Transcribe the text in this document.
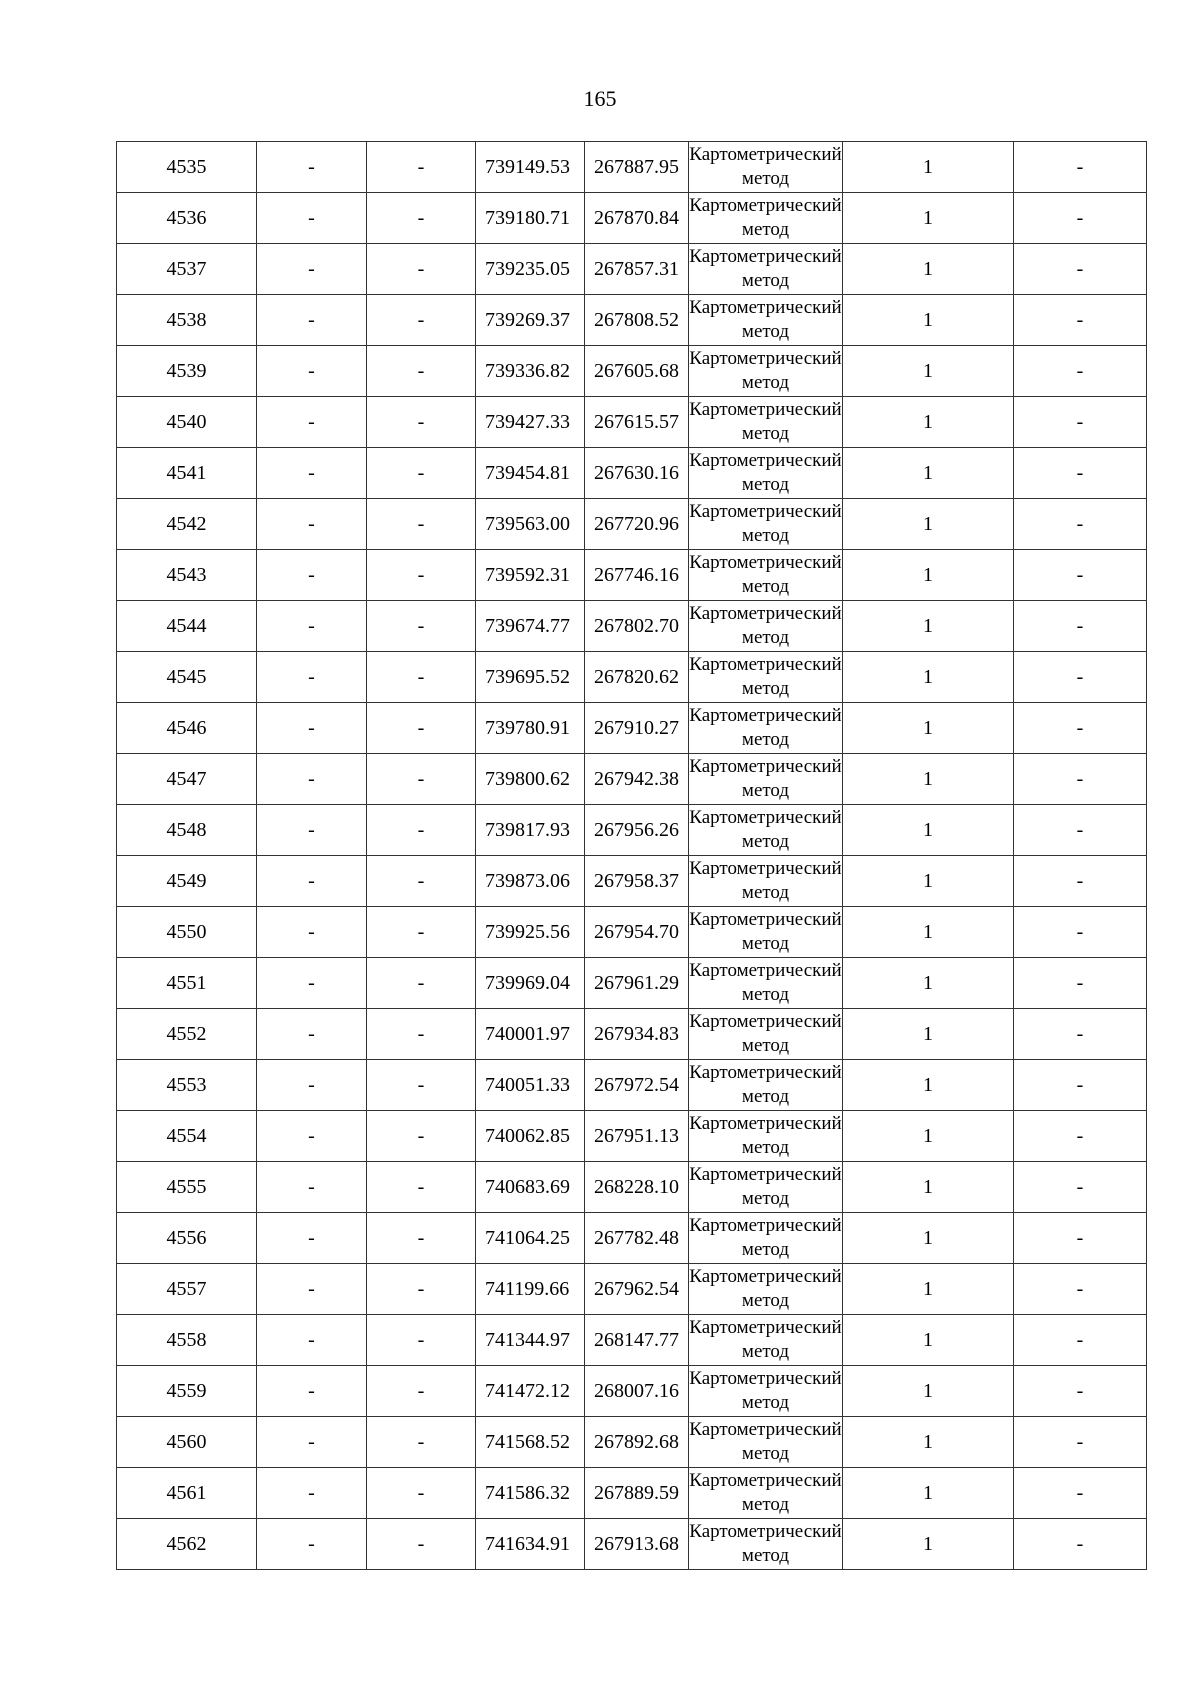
165
4535	-	-	739149.53	267887.95	Картометрический метод	1	-
4536	-	-	739180.71	267870.84	Картометрический метод	1	-
4537	-	-	739235.05	267857.31	Картометрический метод	1	-
4538	-	-	739269.37	267808.52	Картометрический метод	1	-
4539	-	-	739336.82	267605.68	Картометрический метод	1	-
4540	-	-	739427.33	267615.57	Картометрический метод	1	-
4541	-	-	739454.81	267630.16	Картометрический метод	1	-
4542	-	-	739563.00	267720.96	Картометрический метод	1	-
4543	-	-	739592.31	267746.16	Картометрический метод	1	-
4544	-	-	739674.77	267802.70	Картометрический метод	1	-
4545	-	-	739695.52	267820.62	Картометрический метод	1	-
4546	-	-	739780.91	267910.27	Картометрический метод	1	-
4547	-	-	739800.62	267942.38	Картометрический метод	1	-
4548	-	-	739817.93	267956.26	Картометрический метод	1	-
4549	-	-	739873.06	267958.37	Картометрический метод	1	-
4550	-	-	739925.56	267954.70	Картометрический метод	1	-
4551	-	-	739969.04	267961.29	Картометрический метод	1	-
4552	-	-	740001.97	267934.83	Картометрический метод	1	-
4553	-	-	740051.33	267972.54	Картометрический метод	1	-
4554	-	-	740062.85	267951.13	Картометрический метод	1	-
4555	-	-	740683.69	268228.10	Картометрический метод	1	-
4556	-	-	741064.25	267782.48	Картометрический метод	1	-
4557	-	-	741199.66	267962.54	Картометрический метод	1	-
4558	-	-	741344.97	268147.77	Картометрический метод	1	-
4559	-	-	741472.12	268007.16	Картометрический метод	1	-
4560	-	-	741568.52	267892.68	Картометрический метод	1	-
4561	-	-	741586.32	267889.59	Картометрический метод	1	-
4562	-	-	741634.91	267913.68	Картометрический метод	1	-
